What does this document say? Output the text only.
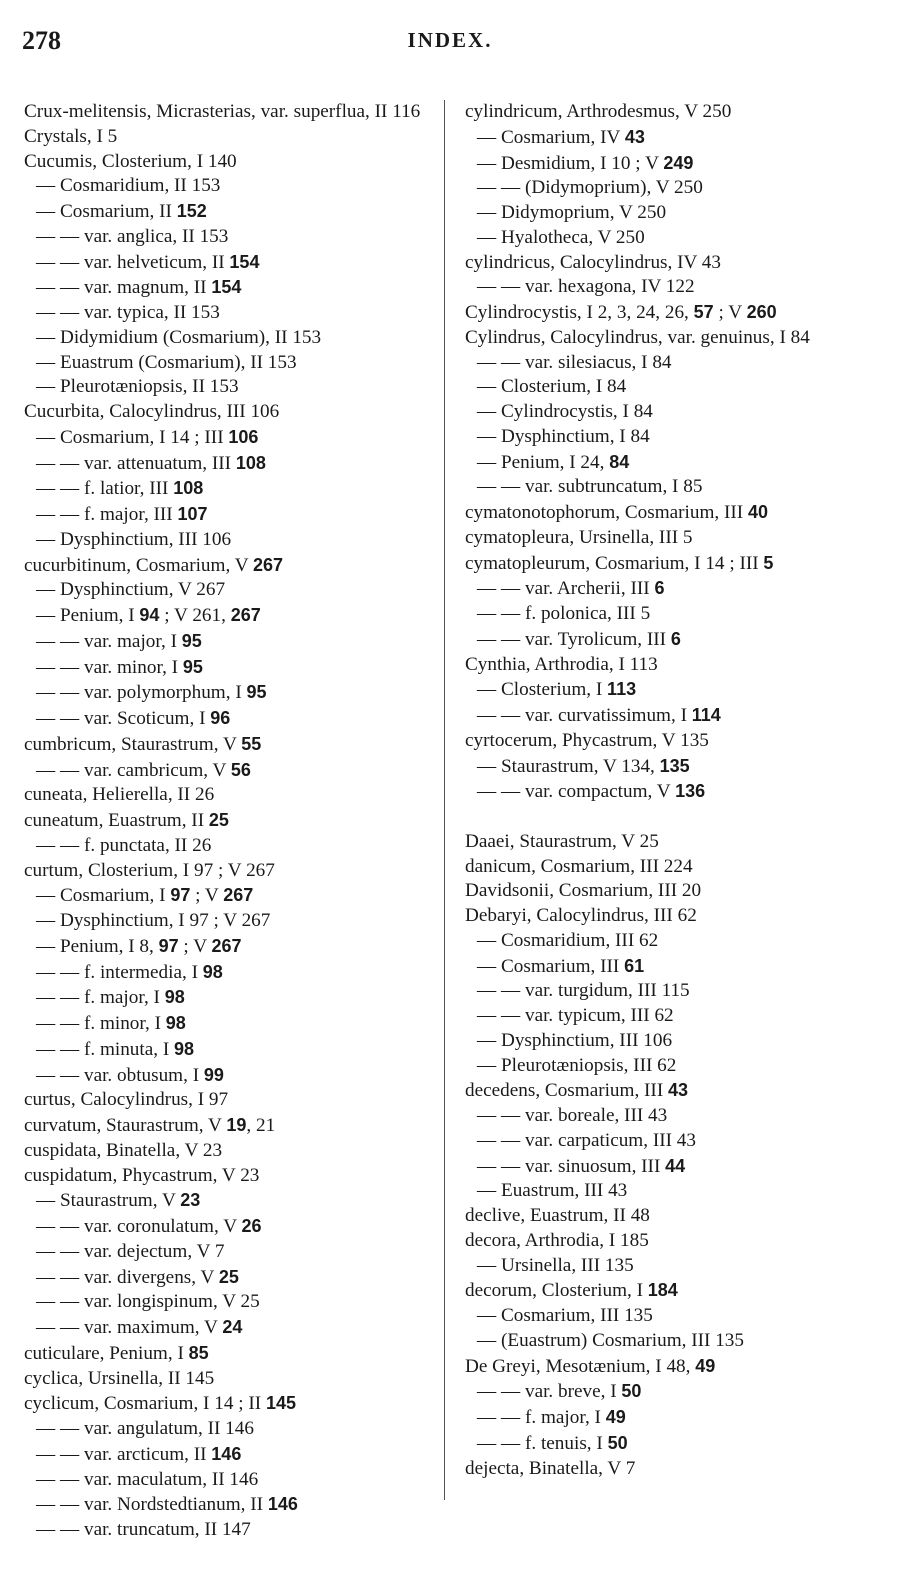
278	INDEX.
Crux-melitensis, Micrasterias, var. superflua, II 116
Crystals, I 5
Cucumis, Closterium, I 140
— Cosmaridium, II 153
— Cosmarium, II 152
— — var. anglica, II 153
— — var. helveticum, II 154
— — var. magnum, II 154
— — var. typica, II 153
— Didymidium (Cosmarium), II 153
— Euastrum (Cosmarium), II 153
— Pleurotæniopsis, II 153
Cucurbita, Calocylindrus, III 106
— Cosmarium, I 14 ; III 106
— — var. attenuatum, III 108
— — f. latior, III 108
— — f. major, III 107
— Dysphinctium, III 106
cucurbitinum, Cosmarium, V 267
— Dysphinctium, V 267
— Penium, I 94 ; V 261, 267
— — var. major, I 95
— — var. minor, I 95
— — var. polymorphum, I 95
— — var. Scoticum, I 96
cumbricum, Staurastrum, V 55
— — var. cambricum, V 56
cuneata, Helierella, II 26
cuneatum, Euastrum, II 25
— — f. punctata, II 26
curtum, Closterium, I 97 ; V 267
— Cosmarium, I 97 ; V 267
— Dysphinctium, I 97 ; V 267
— Penium, I 8, 97 ; V 267
— — f. intermedia, I 98
— — f. major, I 98
— — f. minor, I 98
— — f. minuta, I 98
— — var. obtusum, I 99
curtus, Calocylindrus, I 97
curvatum, Staurastrum, V 19, 21
cuspidata, Binatella, V 23
cuspidatum, Phycastrum, V 23
— Staurastrum, V 23
— — var. coronulatum, V 26
— — var. dejectum, V 7
— — var. divergens, V 25
— — var. longispinum, V 25
— — var. maximum, V 24
cuticulare, Penium, I 85
cyclica, Ursinella, II 145
cyclicum, Cosmarium, I 14 ; II 145
— — var. angulatum, II 146
— — var. arcticum, II 146
— — var. maculatum, II 146
— — var. Nordstedtianum, II 146
— — var. truncatum, II 147
cylindricum, Arthrodesmus, V 250
— Cosmarium, IV 43
— Desmidium, I 10 ; V 249
— — (Didymoprium), V 250
— Didymoprium, V 250
— Hyalotheca, V 250
cylindricus, Calocylindrus, IV 43
— — var. hexagona, IV 122
Cylindrocystis, I 2, 3, 24, 26, 57 ; V 260
Cylindrus, Calocylindrus, var. genuinus, I 84
— — var. silesiacus, I 84
— Closterium, I 84
— Cylindrocystis, I 84
— Dysphinctium, I 84
— Penium, I 24, 84
— — var. subtruncatum, I 85
cymatonotophorum, Cosmarium, III 40
cymatopleura, Ursinella, III 5
cymatopleurum, Cosmarium, I 14 ; III 5
— — var. Archerii, III 6
— — f. polonica, III 5
— — var. Tyrolicum, III 6
Cynthia, Arthrodia, I 113
— Closterium, I 113
— — var. curvatissimum, I 114
cyrtocerum, Phycastrum, V 135
— Staurastrum, V 134, 135
— — var. compactum, V 136
Daaei, Staurastrum, V 25
danicum, Cosmarium, III 224
Davidsonii, Cosmarium, III 20
Debaryi, Calocylindrus, III 62
— Cosmaridium, III 62
— Cosmarium, III 61
— — var. turgidum, III 115
— — var. typicum, III 62
— Dysphinctium, III 106
— Pleurotæniopsis, III 62
decedens, Cosmarium, III 43
— — var. boreale, III 43
— — var. carpaticum, III 43
— — var. sinuosum, III 44
— Euastrum, III 43
declive, Euastrum, II 48
decora, Arthrodia, I 185
— Ursinella, III 135
decorum, Closterium, I 184
— Cosmarium, III 135
— (Euastrum) Cosmarium, III 135
De Greyi, Mesotænium, I 48, 49
— — var. breve, I 50
— — f. major, I 49
— — f. tenuis, I 50
dejecta, Binatella, V 7
